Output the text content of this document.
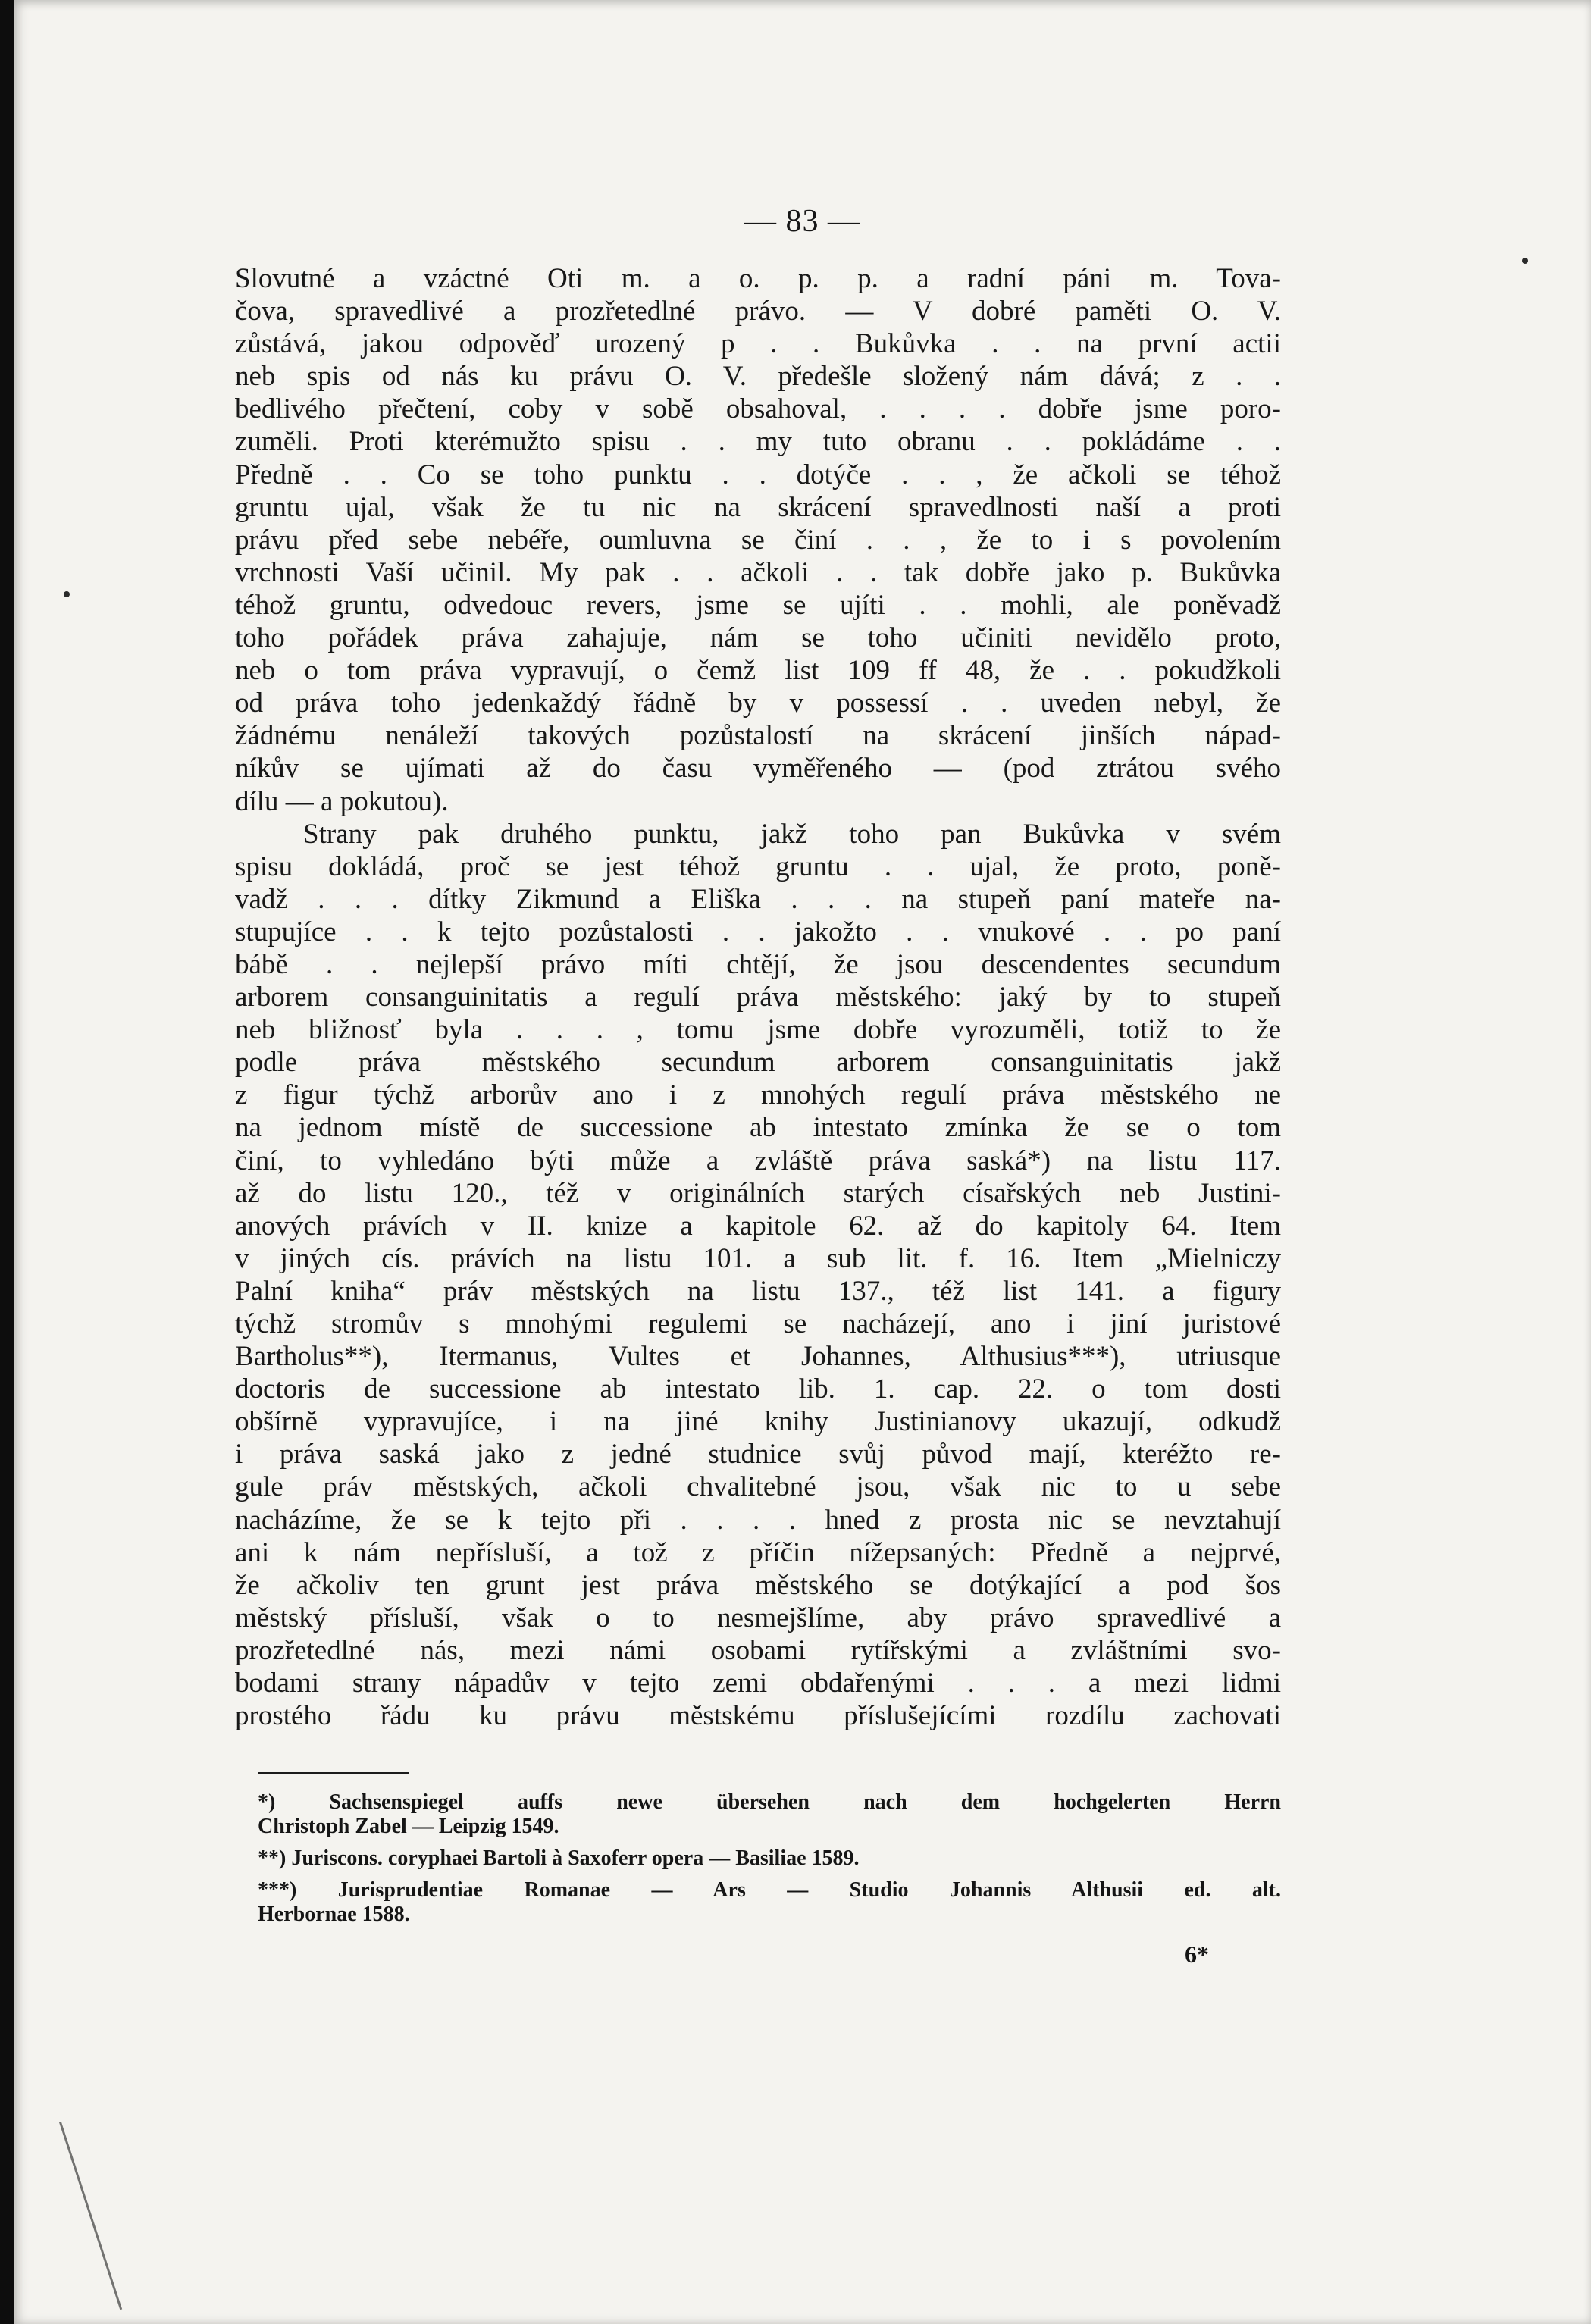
— 83 —
Slovutné a vzáctné Oti m. a o. p. p. a radní páni m. Tova-
čova, spravedlivé a prozřetedlné právo. — V dobré paměti O. V.
zůstává, jakou odpověď urozený p . . Bukůvka . . na první actii
neb spis od nás ku právu O. V. předešle složený nám dává; z . .
bedlivého přečtení, coby v sobě obsahoval, . . . . dobře jsme poro-
zuměli. Proti kterémužto spisu . . my tuto obranu . . pokládáme . .
Předně . . Co se toho punktu . . dotýče . . , že ačkoli se téhož
gruntu ujal, však že tu nic na skrácení spravedlnosti naší a proti
právu před sebe nebéře, oumluvna se činí . . , že to i s povolením
vrchnosti Vaší učinil. My pak . . ačkoli . . tak dobře jako p. Bukůvka
téhož gruntu, odvedouc revers, jsme se ujíti . . mohli, ale poněvadž
toho pořádek práva zahajuje, nám se toho učiniti nevidělo proto,
neb o tom práva vypravují, o čemž list 109 ff 48, že . . pokudžkoli
od práva toho jedenkaždý řádně by v possessí . . uveden nebyl, že
žádnému nenáleží takových pozůstalostí na skrácení jinších nápad-
níkův se ujímati až do času vyměřeného — (pod ztrátou svého
dílu — a pokutou).
Strany pak druhého punktu, jakž toho pan Bukůvka v svém
spisu dokládá, proč se jest téhož gruntu . . ujal, že proto, poně-
vadž . . . dítky Zikmund a Eliška . . . na stupeň paní mateře na-
stupujíce . . k tejto pozůstalosti . . jakožto . . vnukové . . po paní
bábě . . nejlepší právo míti chtějí, že jsou descendentes secundum
arborem consanguinitatis a regulí práva městského: jaký by to stupeň
neb bližnosť byla . . . , tomu jsme dobře vyrozuměli, totiž to že
podle práva městského secundum arborem consanguinitatis jakž
z figur týchž arborův ano i z mnohých regulí práva městského ne
na jednom místě de successione ab intestato zmínka že se o tom
činí, to vyhledáno býti může a zvláště práva saská*) na listu 117.
až do listu 120., též v originálních starých císařských neb Justini-
anových právích v II. knize a kapitole 62. až do kapitoly 64. Item
v jiných cís. právích na listu 101. a sub lit. f. 16. Item „Mielniczy
Palní kniha“ práv městských na listu 137., též list 141. a figury
týchž stromův s mnohými regulemi se nacházejí, ano i jiní juristové
Bartholus**), Itermanus, Vultes et Johannes, Althusius***), utriusque
doctoris de successione ab intestato lib. 1. cap. 22. o tom dosti
obšírně vypravujíce, i na jiné knihy Justinianovy ukazují, odkudž
i práva saská jako z jedné studnice svůj původ mají, kteréžto re-
gule práv městských, ačkoli chvalitebné jsou, však nic to u sebe
nacházíme, že se k tejto při . . . . hned z prosta nic se nevztahují
ani k nám nepřísluší, a tož z příčin nížepsaných: Předně a nejprvé,
že ačkoliv ten grunt jest práva městského se dotýkající a pod šos
městský přísluší, však o to nesmejšlíme, aby právo spravedlivé a
prozřetedlné nás, mezi námi osobami rytířskými a zvláštními svo-
bodami strany nápadův v tejto zemi obdařenými . . . a mezi lidmi
prostého řádu ku právu městskému příslušejícími rozdílu zachovati
*) Sachsenspiegel auffs newe übersehen nach dem hochgelerten Herrn
Christoph Zabel — Leipzig 1549.
**) Juriscons. coryphaei Bartoli à Saxoferr opera — Basiliae 1589.
***) Jurisprudentiae Romanae — Ars — Studio Johannis Althusii ed. alt.
Herbornae 1588.
6*
